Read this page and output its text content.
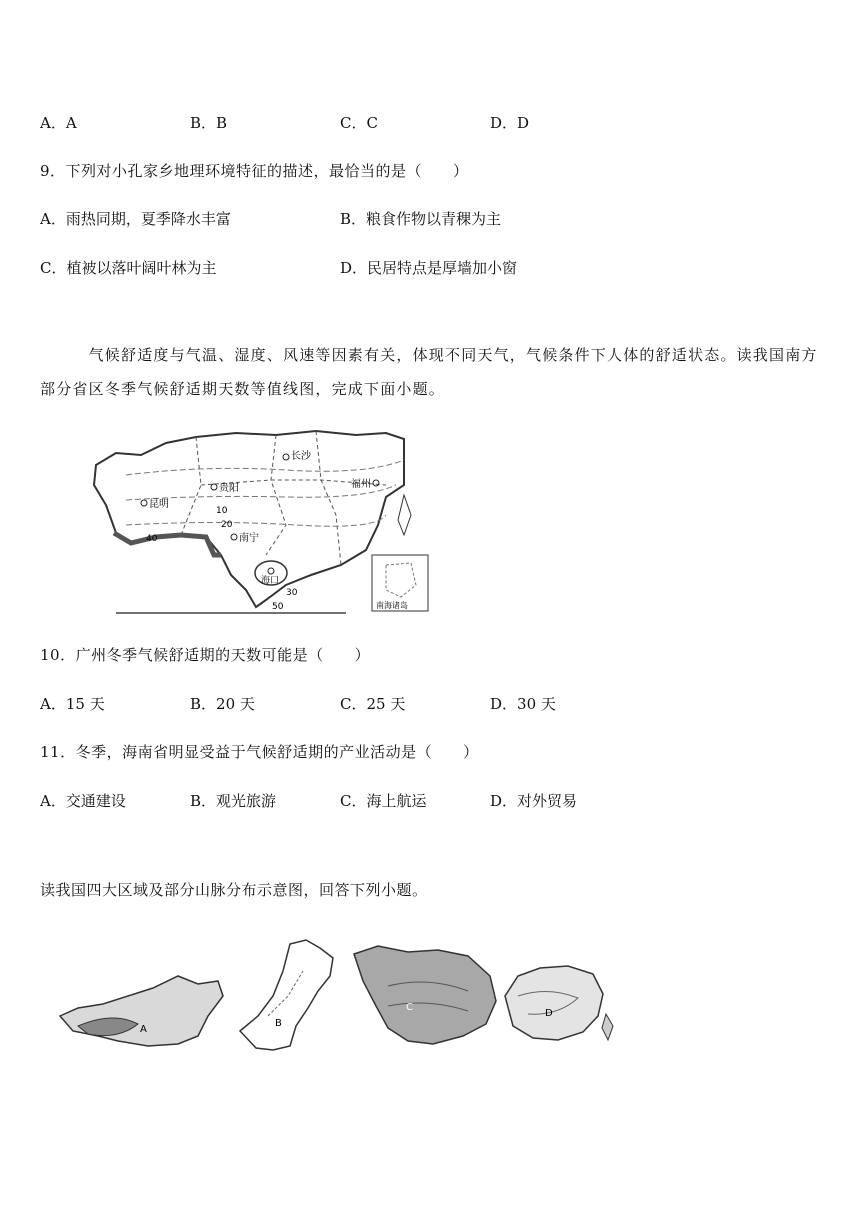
A．A	B．B	C．C	D．D
9．下列对小孔家乡地理环境特征的描述，最恰当的是（　　）
A．雨热同期，夏季降水丰富	B．粮食作物以青稞为主
C．植被以落叶阔叶林为主	D．民居特点是厚墙加小窗
　　　气候舒适度与气温、湿度、风速等因素有关，体现不同天气，气候条件下人体的舒适状态。读我国南方部分省区冬季气候舒适期天数等值线图，完成下面小题。
长沙
贵阳
昆明
福州
南宁
海口
10
20
30
40
50	南海诸岛
10．广州冬季气候舒适期的天数可能是（　　）
A．15 天	B．20 天	C．25 天	D．30 天
11．冬季，海南省明显受益于气候舒适期的产业活动是（　　）
A．交通建设	B．观光旅游	C．海上航运	D．对外贸易
读我国四大区域及部分山脉分布示意图，回答下列小题。
A
B
C
D
